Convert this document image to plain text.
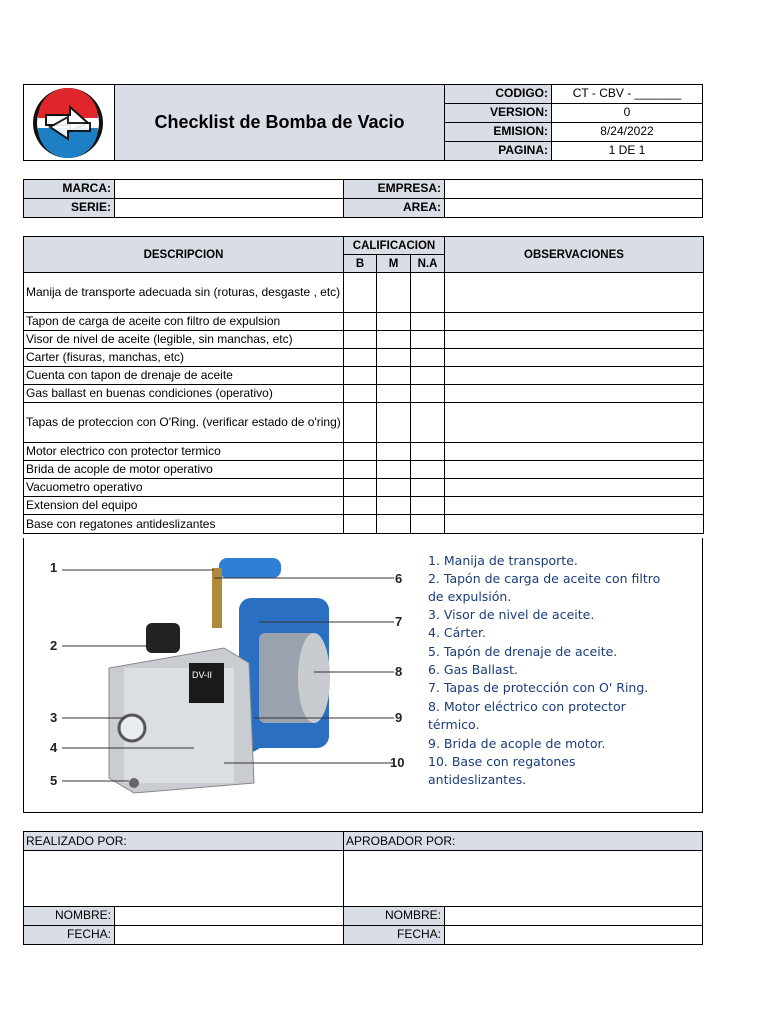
Checklist de Bomba de Vacio
CODIGO:	CT - CBV - _______
VERSION:	0
EMISION:	8/24/2022
PAGINA:	1 DE 1
MARCA:	EMPRESA:
SERIE:	AREA:
DESCRIPCION	CALIFICACION			OBSERVACIONES
	B	M	N.A	
Manija de transporte adecuada sin (roturas, desgaste , etc)				
Tapon de carga de aceite con filtro de expulsion				
Visor de nivel de aceite (legible, sin manchas, etc)				
Carter (fisuras, manchas, etc)				
Cuenta con tapon de drenaje de aceite				
Gas ballast en buenas condiciones (operativo)				
Tapas de proteccion con O'Ring. (verificar estado de o'ring)				
Motor electrico con protector termico				
Brida de acople de motor operativo				
Vacuometro operativo				
Extension del equipo				
Base con regatones antideslizantes				
DV-II
1
2
3
4
5
6
7
8
9
10
1. Manija de transporte.
2. Tapón de carga de aceite con filtro
de expulsión.
3. Visor de nivel de aceite.
4. Cárter.
5. Tapón de drenaje de aceite.
6. Gas Ballast.
7. Tapas de protección con O' Ring.
8. Motor eléctrico con protector
térmico.
9. Brida de acople de motor.
10. Base con regatones
antideslizantes.
REALIZADO POR:	APROBADOR POR:
NOMBRE:	NOMBRE:
FECHA:	FECHA:
